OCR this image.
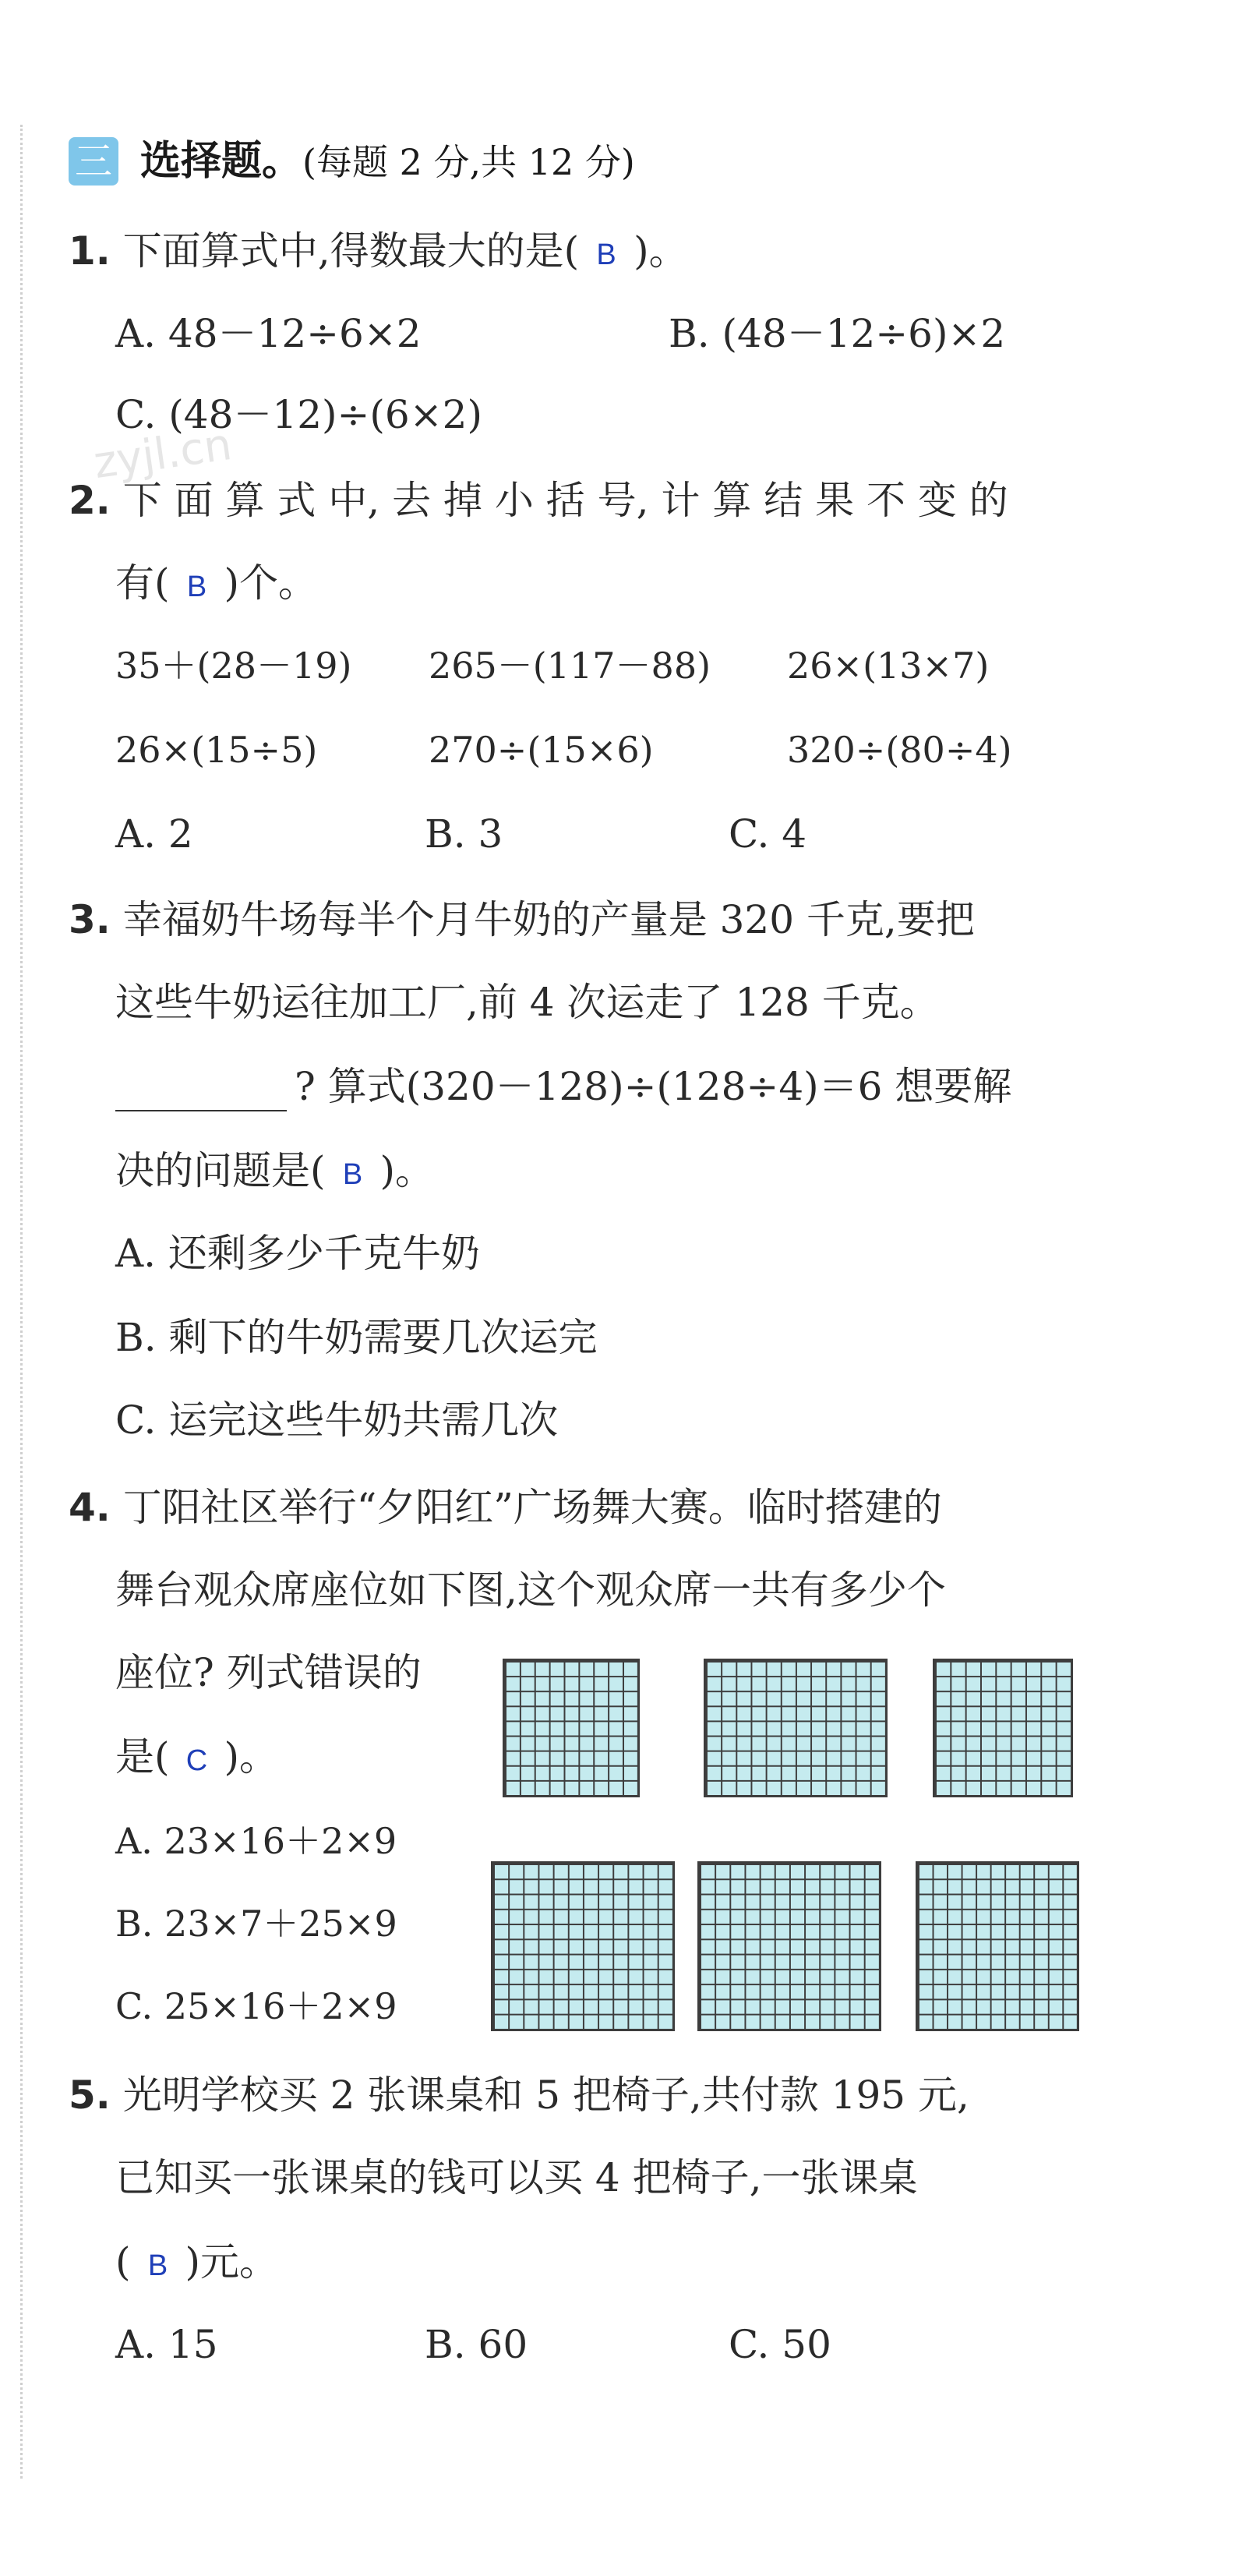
zyjl.cn
三 选择题。(每题 2 分,共 12 分)
1. 下面算式中,得数最大的是( B )。
A. 48－12÷6×2	B. (48－12÷6)×2
C. (48－12)÷(6×2)
2. 下 面 算 式 中, 去 掉 小 括 号, 计 算 结 果 不 变 的
有( B )个。
35＋(28－19) 265－(117－88) 26×(13×7)
26×(15÷5)	270÷(15×6)	320÷(80÷4)
A. 2	B. 3	C. 4
3. 幸福奶牛场每半个月牛奶的产量是 320 千克,要把
这些牛奶运往加工厂,前 4 次运走了 128 千克。
? 算式(320－128)÷(128÷4)＝6 想要解
决的问题是( B )。
A. 还剩多少千克牛奶
B. 剩下的牛奶需要几次运完
C. 运完这些牛奶共需几次
4. 丁阳社区举行“夕阳红”广场舞大赛。临时搭建的
舞台观众席座位如下图,这个观众席一共有多少个
座位? 列式错误的
是( C )。
A. 23×16＋2×9
B. 23×7＋25×9
C. 25×16＋2×9
5. 光明学校买 2 张课桌和 5 把椅子,共付款 195 元,
已知买一张课桌的钱可以买 4 把椅子,一张课桌
( B )元。
A. 15	B. 60	C. 50
